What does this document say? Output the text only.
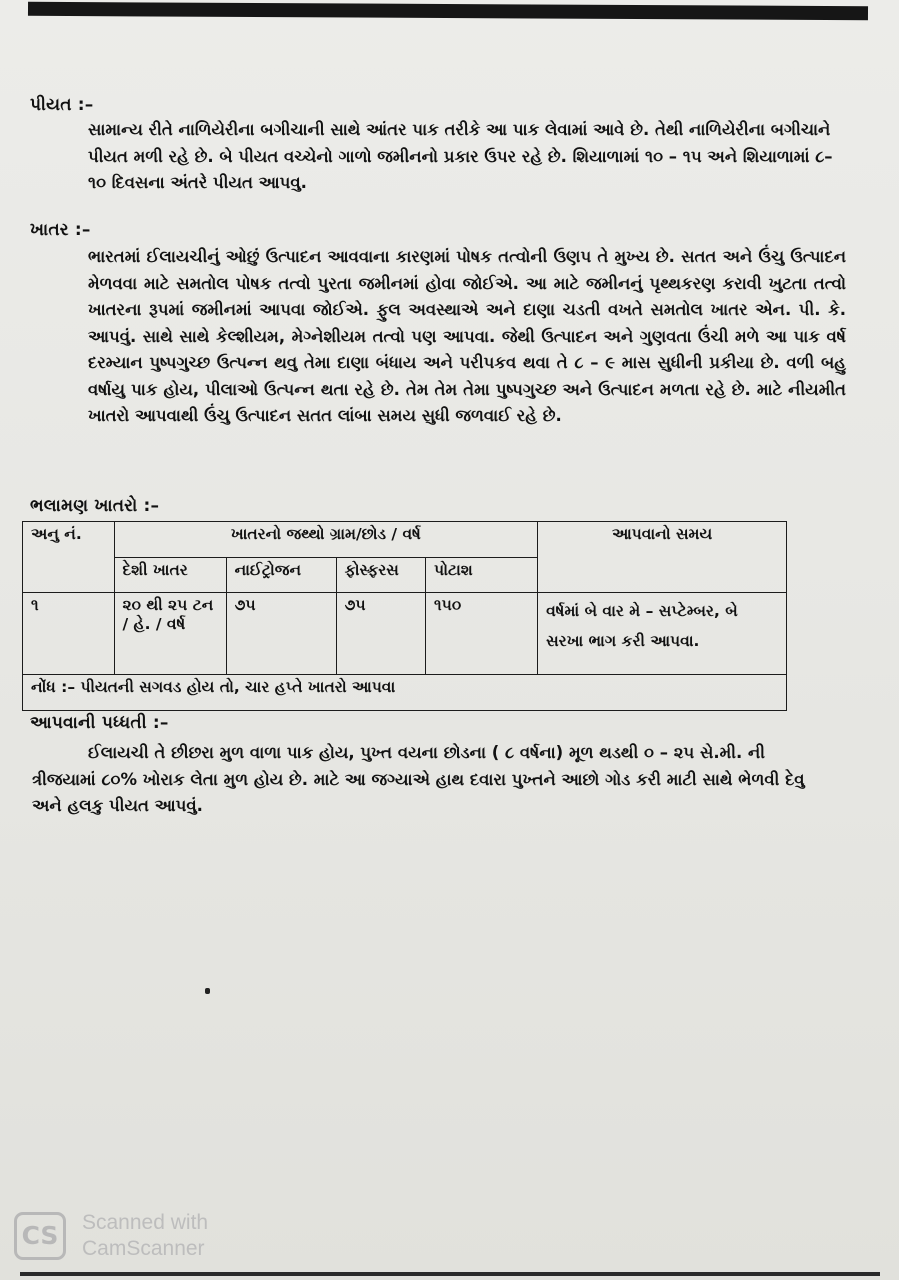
પીયત :–

સામાન્ય રીતે નાળિયેરીના બગીચાની સાથે આંતર પાક તરીકે આ પાક લેવામાં આવે છે. તેથી નાળિયેરીના બગીચાને પીયત મળી રહે છે. બે પીયત વચ્ચેનો ગાળો જમીનનો પ્રકાર ઉપર રહે છે. શિયાળામાં ૧૦ – ૧૫ અને શિયાળામાં ૮– ૧૦ દિવસના અંતરે પીયત આપવુ.

ખાતર :–

ભારતમાં ઈલાયચીનું ઓછું ઉત્પાદન આવવાના કારણમાં પોષક તત્વોની ઉણપ તે મુખ્ય છે. સતત અને ઉંચુ ઉત્પાદન મેળવવા માટે સમતોલ પોષક તત્વો પુરતા જમીનમાં હોવા જોઈએ. આ માટે જમીનનું પૃથ્થકરણ કરાવી ખુટતા તત્વો ખાતરના રૂપમાં જમીનમાં આપવા જોઈએ. ફુલ અવસ્થાએ અને દાણા ચડતી વખતે સમતોલ ખાતર એન. પી. કે. આપવું. સાથે સાથે કેલ્શીયમ, મેગ્નેશીયમ તત્વો પણ આપવા. જેથી ઉત્પાદન અને ગુણવતા ઉંચી મળે આ પાક વર્ષ દરમ્યાન પુષ્પગુચ્છ ઉત્પન્ન થવુ તેમા દાણા બંધાય અને પરીપકવ થવા તે ૮ – ૯ માસ સુધીની પ્રકીયા છે. વળી બહુ વર્ષાયુ પાક હોય, પીલાઓ ઉત્પન્ન થતા રહે છે. તેમ તેમ તેમા પુષ્પગુચ્છ અને ઉત્પાદન મળતા રહે છે. માટે નીયમીત ખાતરો આપવાથી ઉંચુ ઉત્પાદન સતત લાંબા સમય સુધી જળવાઈ રહે છે.

ભલામણ ખાતરો :–
અનુ નં.	ખાતરનો જથ્થો ગ્રામ/છોડ / વર્ષ				આપવાનો સમય
	દેશી ખાતર	નાઈટ્રોજન	ફોસ્ફરસ	પોટાશ	
૧	૨૦ થી ૨૫ ટન / હે. / વર્ષ	૭૫	૭૫	૧૫૦	વર્ષમાં બે વાર મે – સપ્ટેમ્બર, બે સરખા ભાગ કરી આપવા.
નોંધ :– પીયતની સગવડ હોય તો, ચાર હપ્તે ખાતરો આપવા					
આપવાની પધ્ધતી :–

ઈલાયચી તે છીછરા મુળ વાળા પાક હોય, પુખ્ત વયના છોડના ( ૮ વર્ષના) મૂળ થડથી ૦ – ૨૫ સે.મી. ની ત્રીજયામાં ૮૦% ખોરાક લેતા મુળ હોય છે. માટે આ જગ્યાએ હાથ દવારા પુખ્તને આછો ગોડ કરી માટી સાથે ભેળવી દેવુ અને હલકુ પીયત આપવું.

CS	Scanned with
CamScanner
